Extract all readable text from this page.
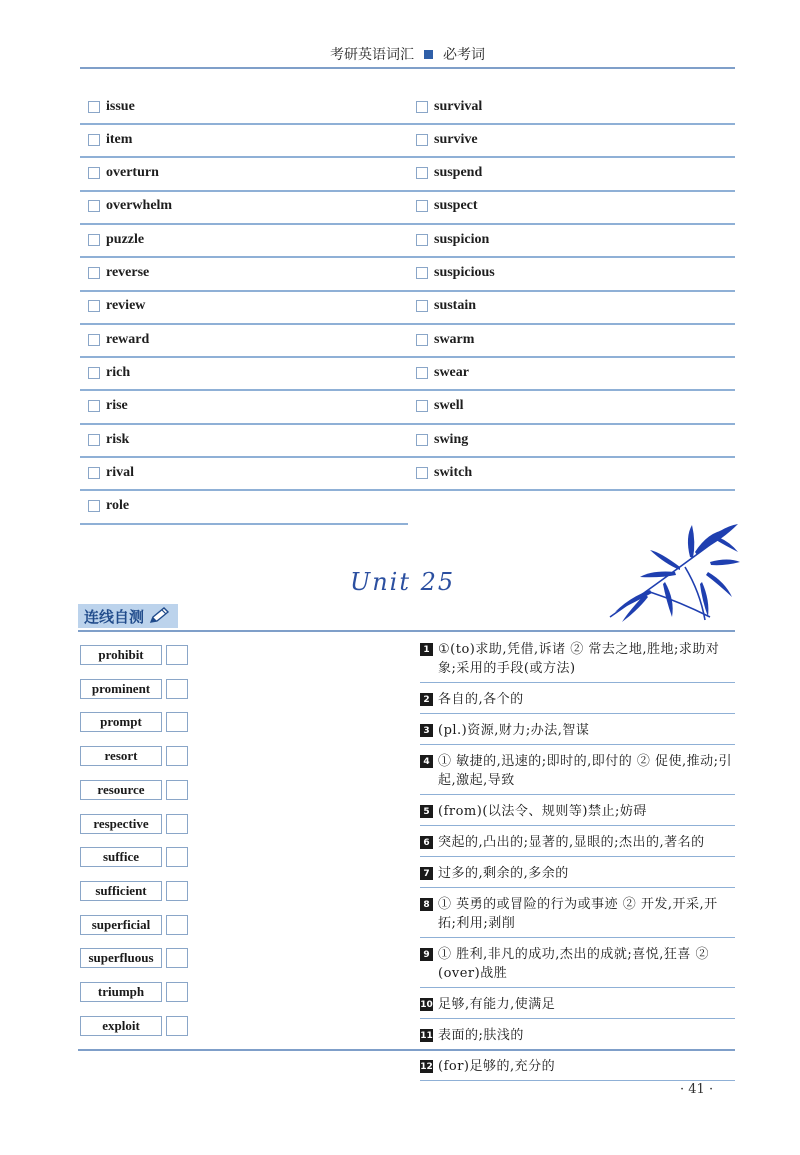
考研英语词汇 必考词
issue
item
overturn
overwhelm
puzzle
reverse
review
reward
rich
rise
risk
rival
role
survival
survive
suspend
suspect
suspicion
suspicious
sustain
swarm
swear
swell
swing
switch
Unit 25
连线自测
prohibit
prominent
prompt
resort
resource
respective
suffice
sufficient
superficial
superfluous
triumph
exploit
1 ①(to)求助,凭借,诉诸 ② 常去之地,胜地;求助对象;采用的手段(或方法)
2 各自的,各个的
3 (pl.)资源,财力;办法,智谋
4 ① 敏捷的,迅速的;即时的,即付的 ② 促使,推动;引起,激起,导致
5 (from)(以法令、规则等)禁止;妨碍
6 突起的,凸出的;显著的,显眼的;杰出的,著名的
7 过多的,剩余的,多余的
8 ① 英勇的或冒险的行为或事迹 ② 开发,开采,开拓;利用;剥削
9 ① 胜利,非凡的成功,杰出的成就;喜悦,狂喜 ② (over)战胜
10 足够,有能力,使满足
11 表面的;肤浅的
12 (for)足够的,充分的
· 41 ·
